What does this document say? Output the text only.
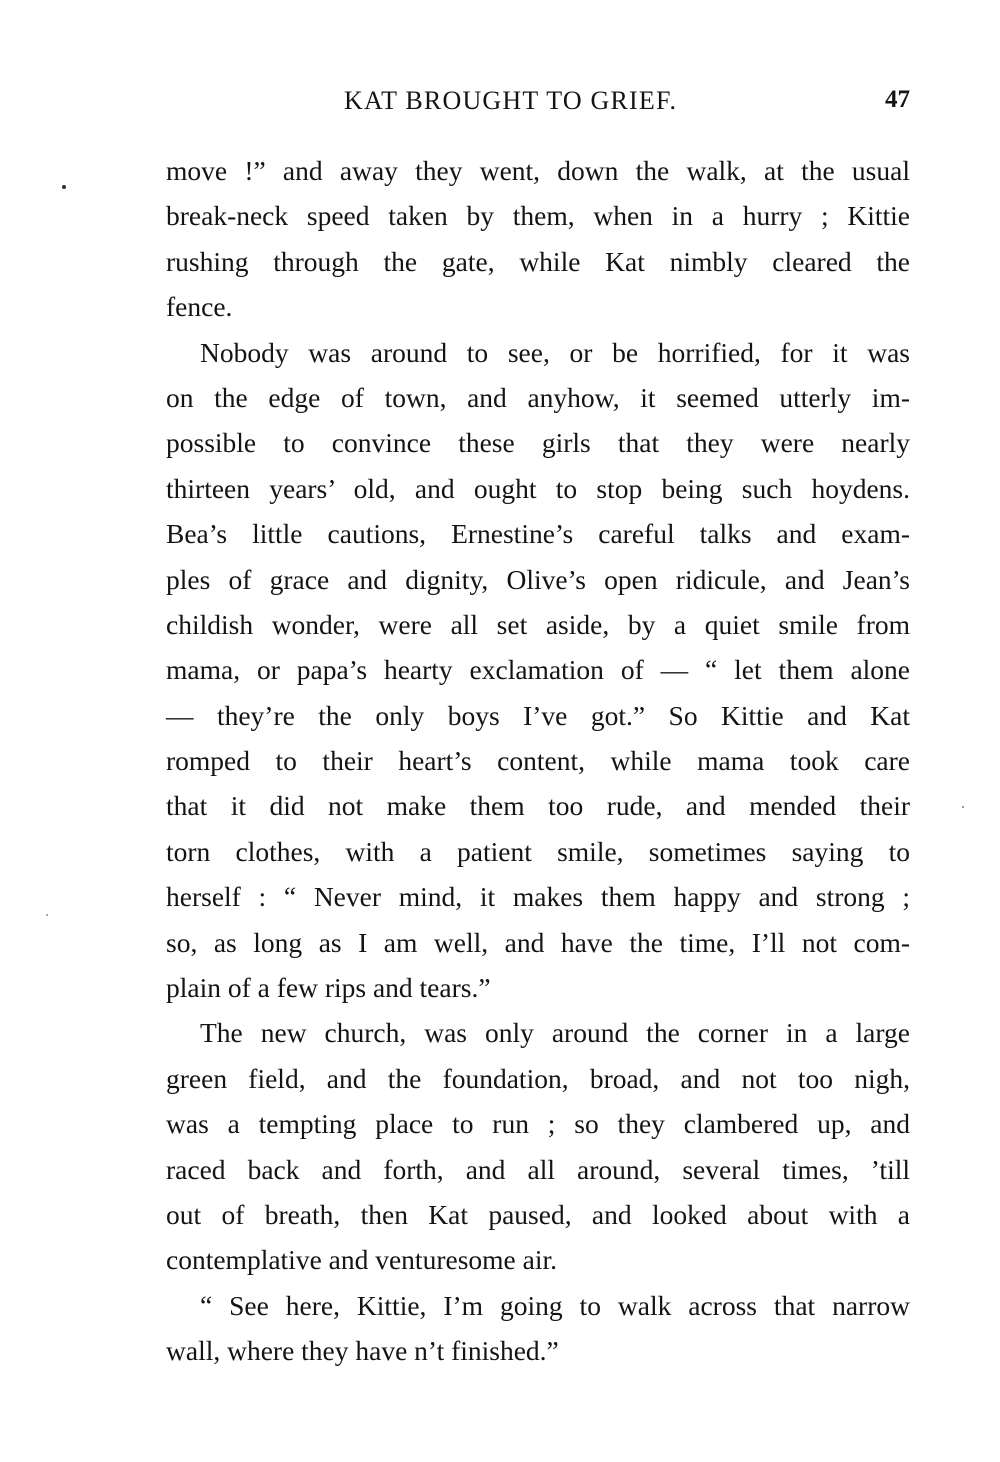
KAT BROUGHT TO GRIEF.	47
move !” and away they went, down the walk, at the usual
break-neck speed taken by them, when in a hurry ; Kittie
rushing through the gate, while Kat nimbly cleared the
fence.
Nobody was around to see, or be horrified, for it was
on the edge of town, and anyhow, it seemed utterly im-
possible to convince these girls that they were nearly
thirteen years’ old, and ought to stop being such hoydens.
Bea’s little cautions, Ernestine’s careful talks and exam-
ples of grace and dignity, Olive’s open ridicule, and Jean’s
childish wonder, were all set aside, by a quiet smile from
mama, or papa’s hearty exclamation of — “ let them alone
— they’re the only boys I’ve got.” So Kittie and Kat
romped to their heart’s content, while mama took care
that it did not make them too rude, and mended their
torn clothes, with a patient smile, sometimes saying to
herself : “ Never mind, it makes them happy and strong ;
so, as long as I am well, and have the time, I’ll not com-
plain of a few rips and tears.”
The new church, was only around the corner in a large
green field, and the foundation, broad, and not too nigh,
was a tempting place to run ; so they clambered up, and
raced back and forth, and all around, several times, ’till
out of breath, then Kat paused, and looked about with a
contemplative and venturesome air.
“ See here, Kittie, I’m going to walk across that narrow
wall, where they have n’t finished.”
